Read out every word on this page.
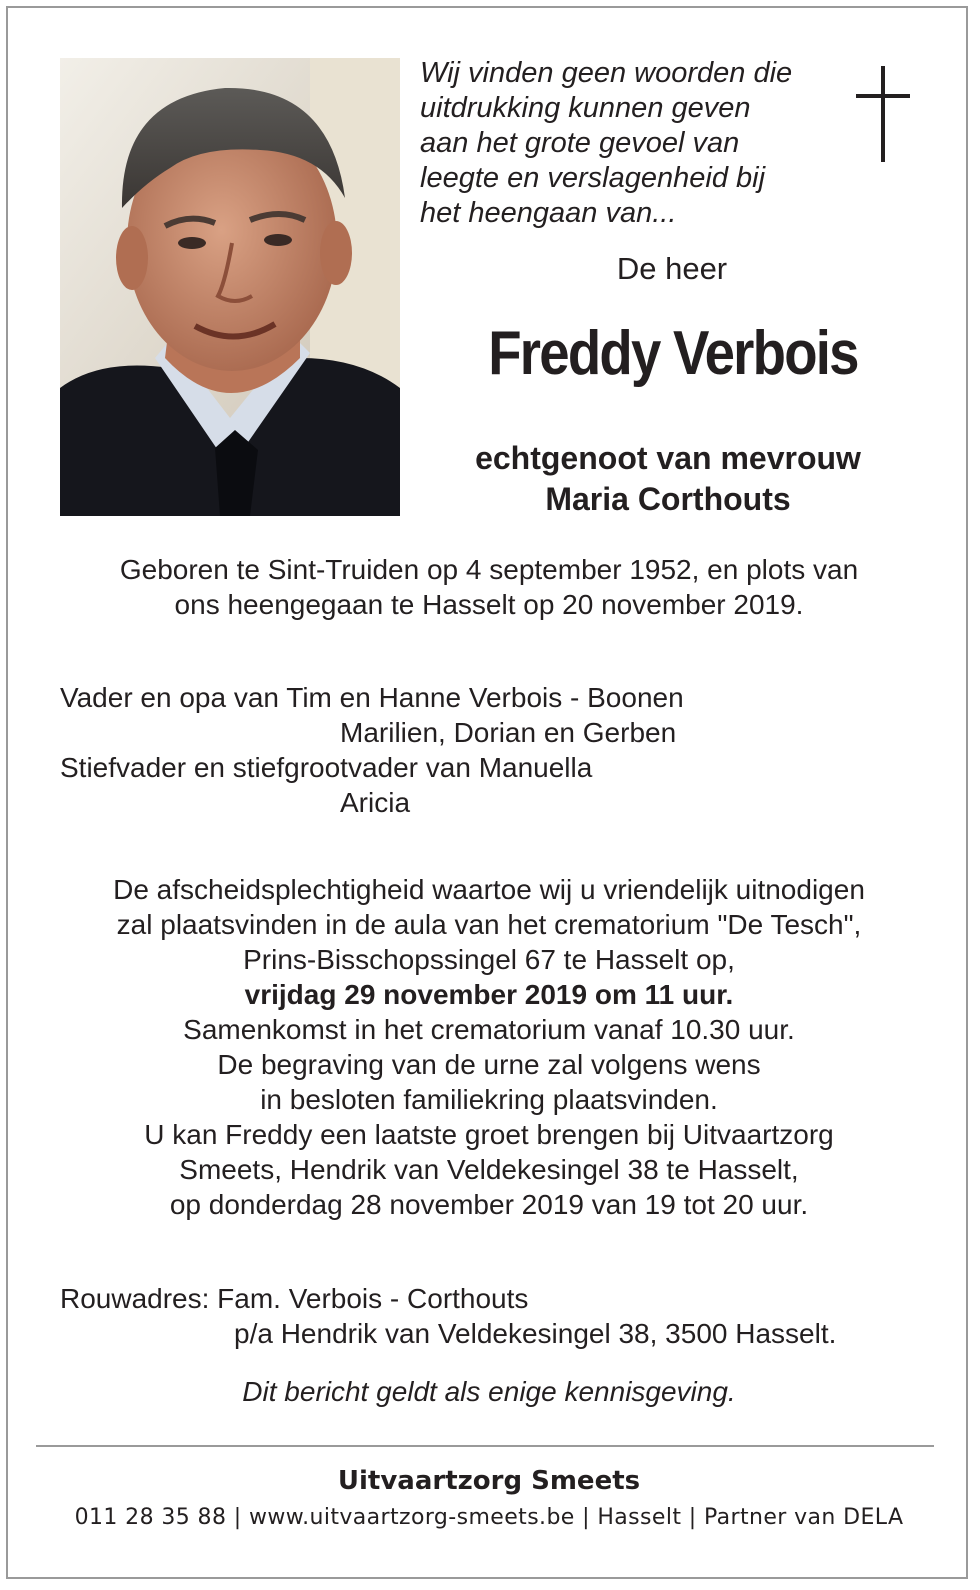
Wij vinden geen woorden die
uitdrukking kunnen geven
aan het grote gevoel van
leegte en verslagenheid bij
het heengaan van...
De heer
Freddy Verbois
echtgenoot van mevrouw
Maria Corthouts
Geboren te Sint-Truiden op 4 september 1952, en plots van
ons heengegaan te Hasselt op 20 november 2019.
Vader en opa van Tim en Hanne Verbois - Boonen
Marilien, Dorian en Gerben
Stiefvader en stiefgrootvader van Manuella
Aricia
De afscheidsplechtigheid waartoe wij u vriendelijk uitnodigen
zal plaatsvinden in de aula van het crematorium "De Tesch",
Prins-Bisschopssingel 67 te Hasselt op,
vrijdag 29 november 2019 om 11 uur.
Samenkomst in het crematorium vanaf 10.30 uur.
De begraving van de urne zal volgens wens
in besloten familiekring plaatsvinden.
U kan Freddy een laatste groet brengen bij Uitvaartzorg
Smeets, Hendrik van Veldekesingel 38 te Hasselt,
op donderdag 28 november 2019 van 19 tot 20 uur.
Rouwadres: Fam. Verbois - Corthouts
p/a Hendrik van Veldekesingel 38, 3500 Hasselt.
Dit bericht geldt als enige kennisgeving.
Uitvaartzorg Smeets
011 28 35 88 | www.uitvaartzorg-smeets.be | Hasselt | Partner van DELA
